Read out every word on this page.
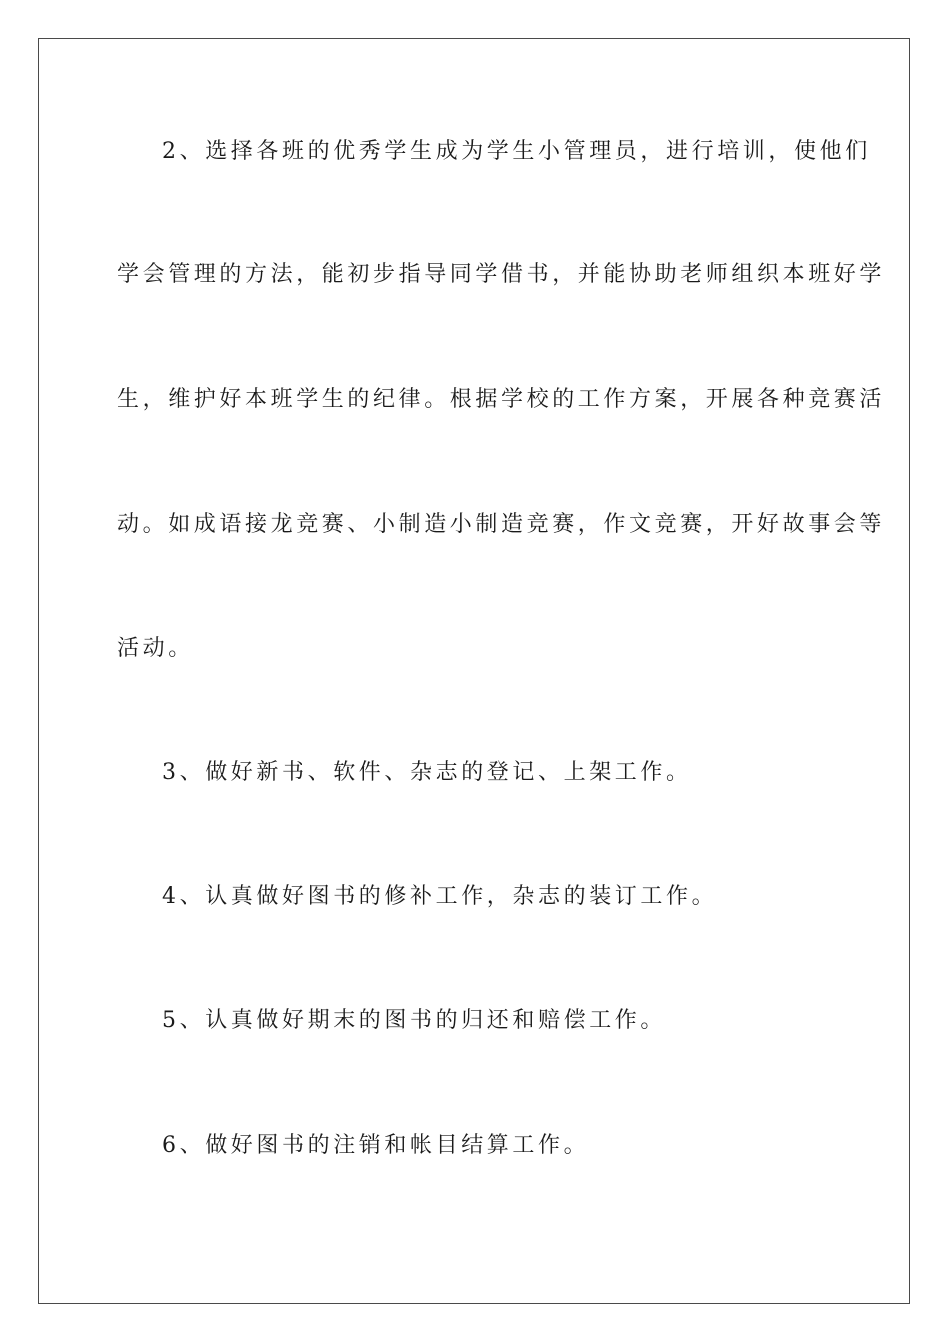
2、选择各班的优秀学生成为学生小管理员，进行培训，使他们
学会管理的方法，能初步指导同学借书，并能协助老师组织本班好学
生，维护好本班学生的纪律。根据学校的工作方案，开展各种竞赛活
动。如成语接龙竞赛、小制造小制造竞赛，作文竞赛，开好故事会等
活动。
3、做好新书、软件、杂志的登记、上架工作。
4、认真做好图书的修补工作，杂志的装订工作。
5、认真做好期末的图书的归还和赔偿工作。
6、做好图书的注销和帐目结算工作。
